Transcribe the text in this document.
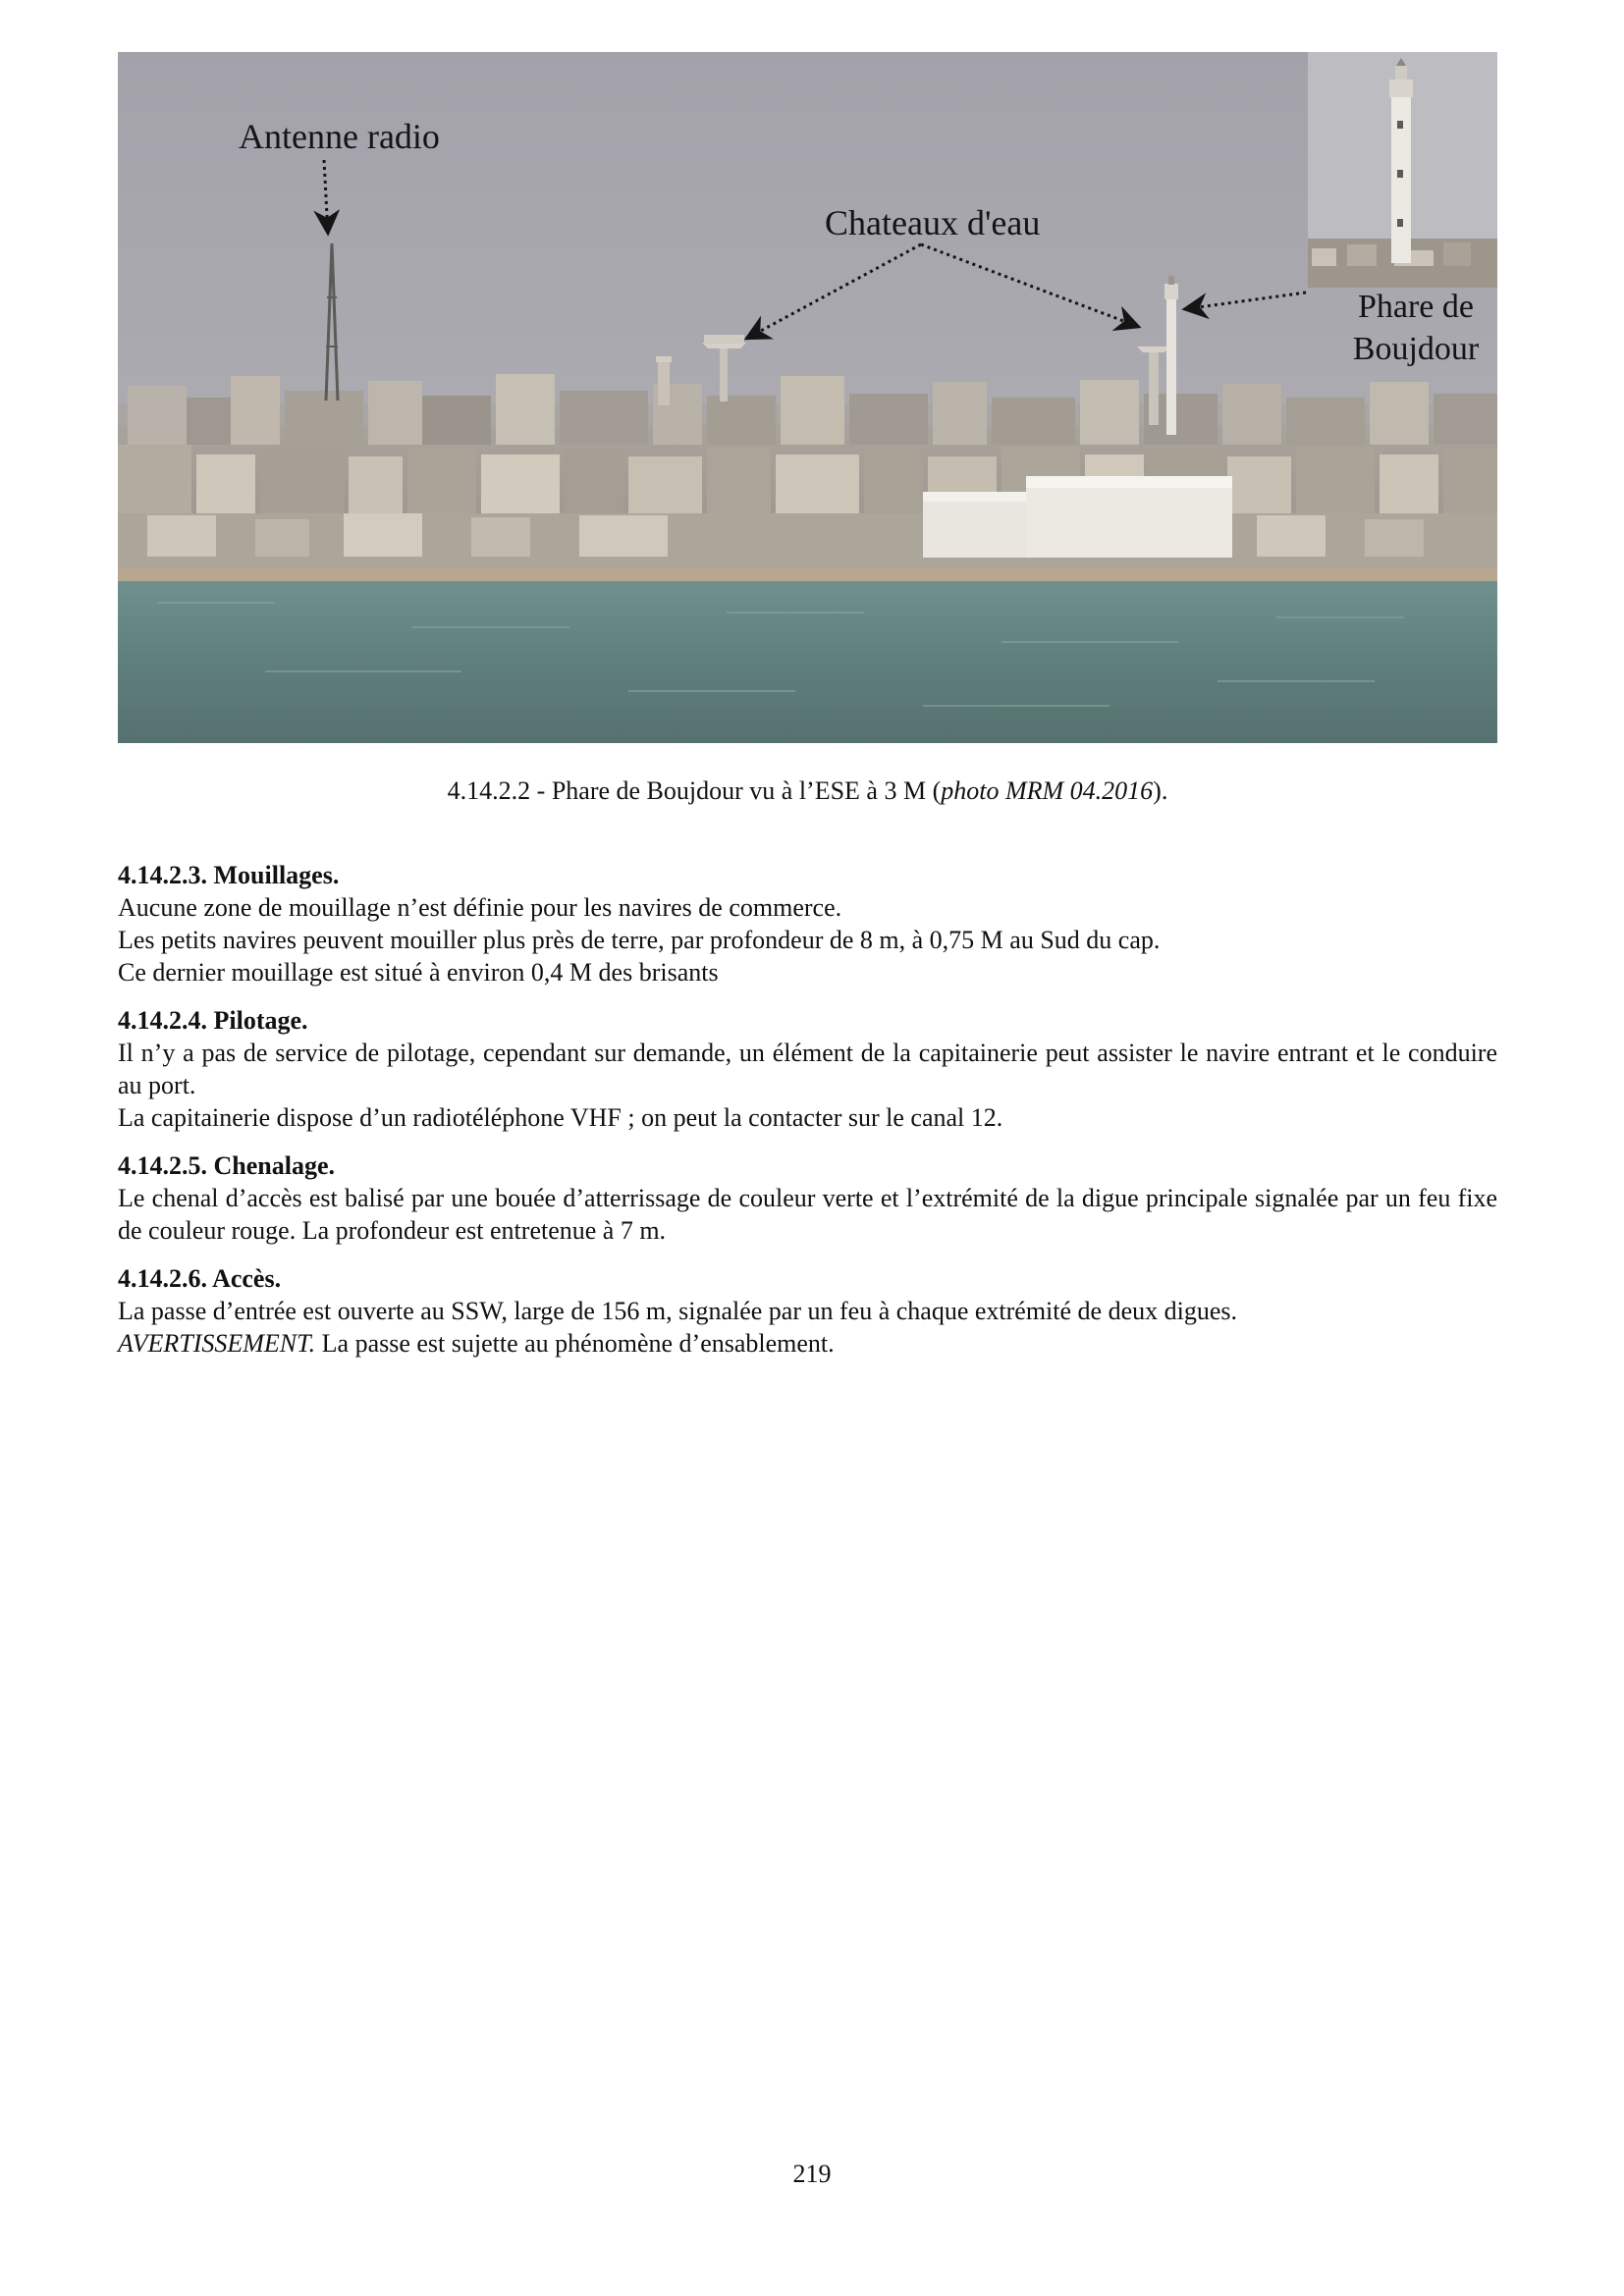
Antenne radio
Chateaux d'eau
Phare de
Boujdour
4.14.2.2 - Phare de Boujdour vu à l’ESE à 3 M (photo MRM 04.2016).
4.14.2.3. Mouillages.

Aucune zone de mouillage n’est définie pour les navires de commerce.

Les petits navires peuvent mouiller plus près de terre, par profondeur de 8 m, à 0,75 M au Sud du cap.

Ce dernier mouillage est situé à environ 0,4 M des brisants

4.14.2.4. Pilotage.

Il n’y a pas de service de pilotage, cependant sur demande, un élément de la capitainerie peut assister le navire entrant et le conduire au port.

La capitainerie dispose d’un radiotéléphone VHF ; on peut la contacter sur le canal 12.

4.14.2.5. Chenalage.

Le chenal d’accès est balisé par une bouée d’atterrissage de couleur verte et l’extrémité de la digue principale signalée par un feu fixe de couleur rouge. La profondeur est entretenue à 7 m.

4.14.2.6. Accès.

La passe d’entrée est ouverte au SSW, large de 156 m, signalée par un feu à chaque extrémité de deux digues.

AVERTISSEMENT. La passe est sujette au phénomène d’ensablement.

219
